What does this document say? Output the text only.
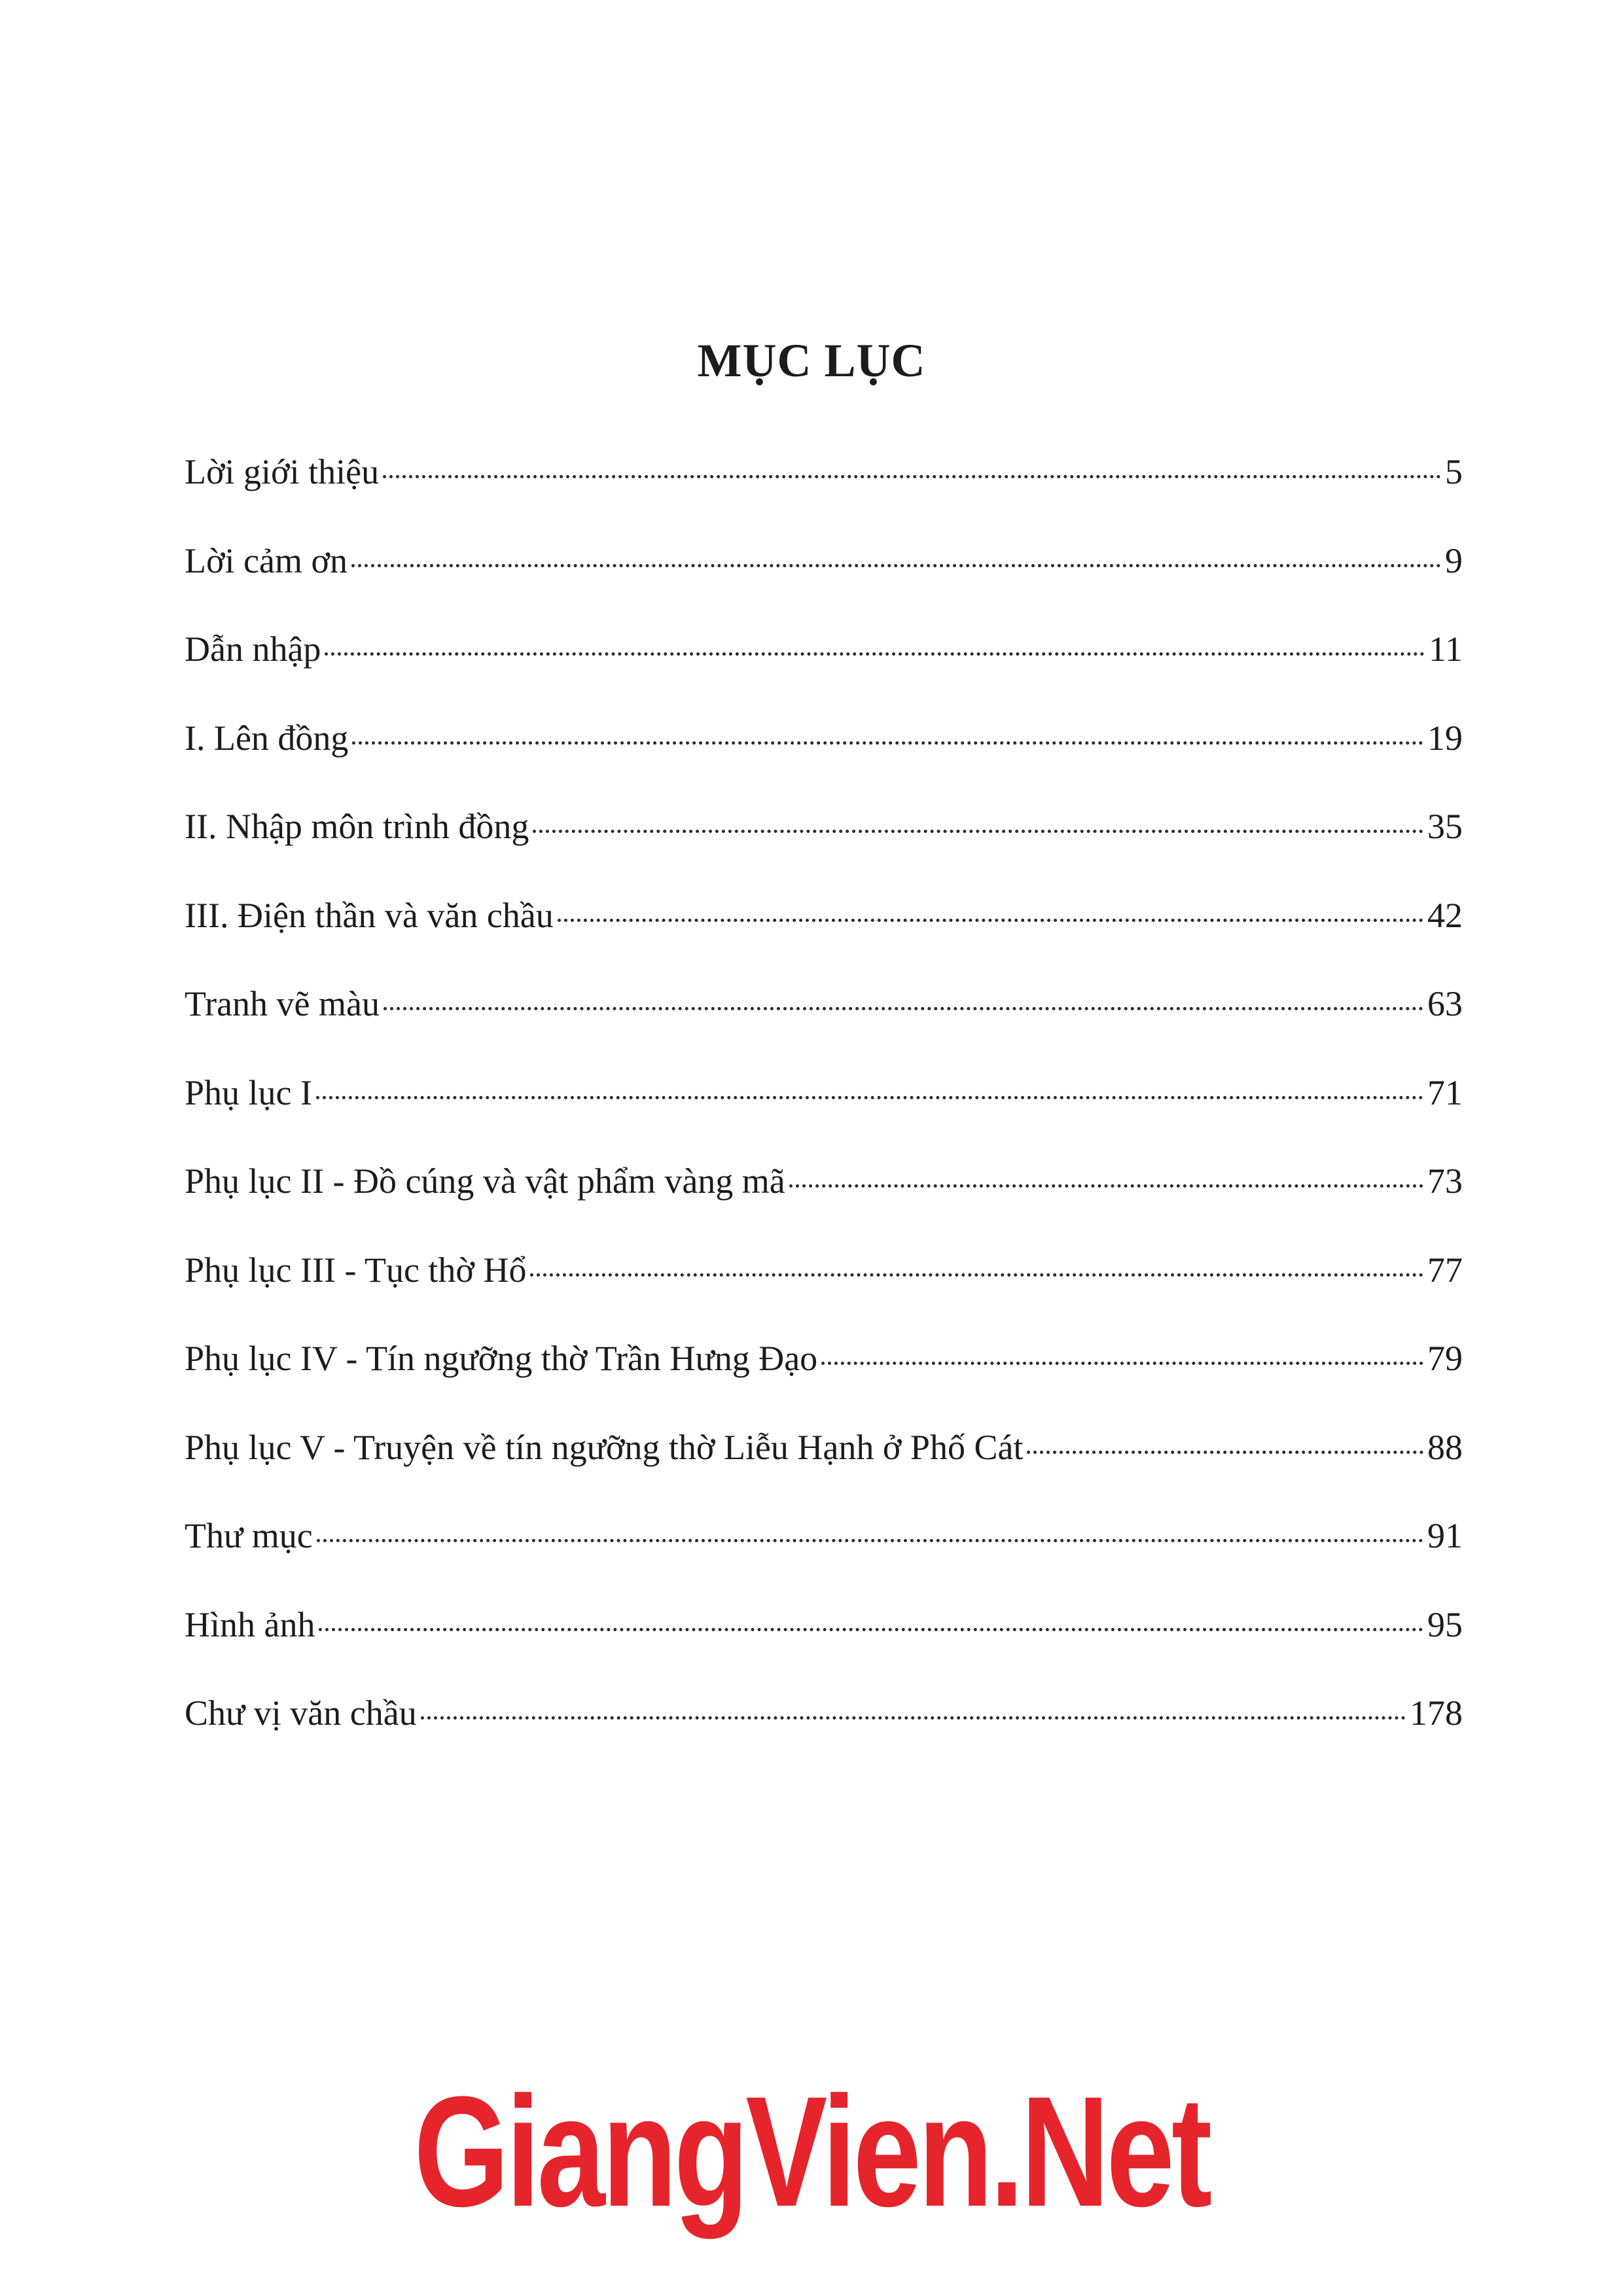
MỤC LỤC
Lời giới thiệu	5
Lời cảm ơn	9
Dẫn nhập	11
I. Lên đồng	19
II. Nhập môn trình đồng	35
III. Điện thần và văn chầu	42
Tranh vẽ màu	63
Phụ lục I	71
Phụ lục II - Đồ cúng và vật phẩm vàng mã	73
Phụ lục III - Tục thờ Hổ	77
Phụ lục IV - Tín ngưỡng thờ Trần Hưng Đạo	79
Phụ lục V - Truyện về tín ngưỡng thờ Liễu Hạnh ở Phố Cát	88
Thư mục	91
Hình ảnh	95
Chư vị văn chầu	178
GiangVien.Net
